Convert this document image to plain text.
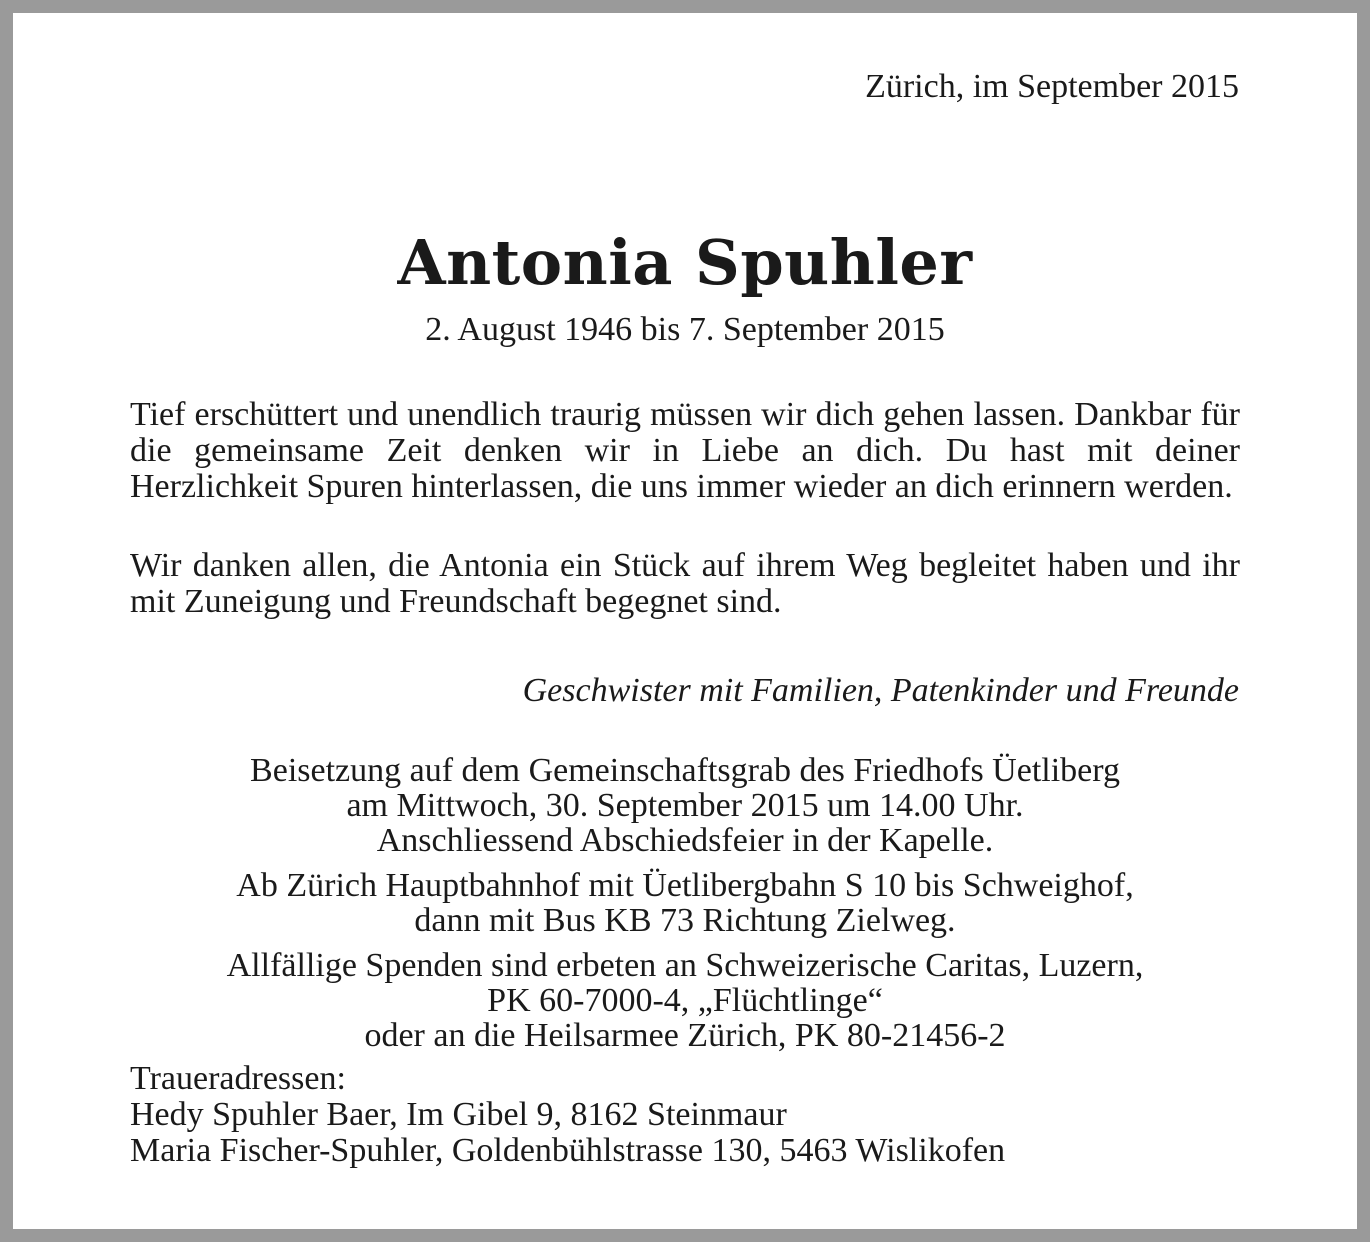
Zürich, im September 2015
Antonia Spuhler
2. August 1946 bis 7. September 2015
Tief erschüttert und unendlich traurig müssen wir dich gehen lassen. Dankbar für die gemeinsame Zeit denken wir in Liebe an dich. Du hast mit deiner Herzlichkeit Spuren hinterlassen, die uns immer wieder an dich erinnern werden.
Wir danken allen, die Antonia ein Stück auf ihrem Weg begleitet haben und ihr mit Zuneigung und Freundschaft begegnet sind.
Geschwister mit Familien, Patenkinder und Freunde
Beisetzung auf dem Gemeinschaftsgrab des Friedhofs Üetliberg
am Mittwoch, 30. September 2015 um 14.00 Uhr.
Anschliessend Abschiedsfeier in der Kapelle.
Ab Zürich Hauptbahnhof mit Üetlibergbahn S 10 bis Schweighof,
dann mit Bus KB 73 Richtung Zielweg.
Allfällige Spenden sind erbeten an Schweizerische Caritas, Luzern,
PK 60-7000-4, „Flüchtlinge“
oder an die Heilsarmee Zürich, PK 80-21456-2
Traueradressen:
Hedy Spuhler Baer, Im Gibel 9, 8162 Steinmaur
Maria Fischer-Spuhler, Goldenbühlstrasse 130, 5463 Wislikofen
